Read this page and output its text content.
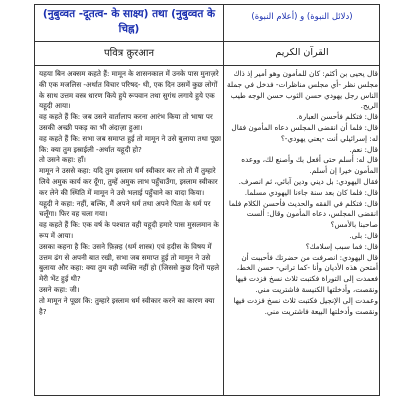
(नुबुव्वत -दूतत्व- के साक्ष्य) तथा (नुबुव्वत के चिह्न)
(دلائل النبوة) و (أعلام النبوة)
पवित्र क़ुरआन	القرآن الكريم

यहया बिन अक्सम कहते हैं: मामून के शासनकाल में उनके पास मुनाज़रे की एक मजलिस -अर्थात विचार परिषद- थी, एक दिन उसमें कुछ लोगों के साथ उत्तम वस्त्र धारण किये हुये रूपवान तथा सुगंध लगाये हुये एक यहूदी आया।

वह कहते हैं कि: जब उसने वार्तालाप करना आरंभ किया तो भाषा पर उसकी अच्छी पकड़ का भी अंदाज़ा हुआ।

वह कहते हैं कि: सभा जब समाप्त हुई तो मामून ने उसे बुलाया तथा पूछा कि: क्या तुम इस्राईली -अर्थात यहूदी हो?

तो उसने कहा: हाँ।

मामून ने उससे कहा: यदि तुम इस्लाम धर्म स्वीकार कर लो तो मैं तुम्हारे लिये अमुक कार्य कर दूँगा, तुम्हें अमुक लाभ पहुँचाउँगा, इस्लाम स्वीकार कर लेने की स्थिति में मामून ने उसे भलाई पहुँचाने का वादा किया।

यहूदी ने कहा: नहीं, बल्कि, मैं अपने धर्म तथा अपने पिता के धर्म पर चलूँगा। फिर वह चला गया।

वह कहते हैं कि: एक वर्ष के पश्चात वही यहूदी हमारे पास मुसलमान के रूप में आया।

उसका कहना है कि: उसने फ़िक़्ह (धर्म शास्त्र) एवं हदीस के विषय में उत्तम ढंग से अपनी बात रखी, सभा जब समाप्त हुई तो मामून ने उसे बुलाया और कहा: क्या तुम वही व्यक्ति नहीं हो (जिससे कुछ दिनों पहले मेरी भेंट हुई थी?

उसने कहा: जी।

तो मामून ने पूछा कि: तुम्हारे इस्लाम धर्म स्वीकार करने का कारण क्या है?

قال يحيى بن أكثم: كان للمأمون وهو أمير إذ ذاك مجلس نظر -أي مجلس مناظرات- فدخل في جملة الناس رجل يهودي حسن الثوب حسن الوجه طيب الريح.

قال: فتكلم فأحسن العبارة.

قال: فلما أن انقضى المجلس دعاه المأمون فقال له: إسرائيلي أنت -يعني يهودي-؟

قال: نعم.

قال له: أسلم حتى أفعل بك وأصنع لك، ووعده المأمون خيرا إن أسلم.

فقال اليهودي: بل ديني ودين آبائي، ثم انصرف.

قال: فلما كان بعد سنة جاءنا اليهودي مسلما.

قال: فتكلم في الفقه والحديث فأحسن الكلام فلما انقضى المجلس، دعاه المأمون وقال: ألست صاحبنا بالأمس؟

قال: بلى.

قال: فما سبب إسلامك؟

قال اليهودي: انصرفت من حضرتك فأحببت أن أمتحن هذه الأديان وأنا -كما تراني- حسن الخط، فعمدت إلى التوراة فكتبت ثلاث نسخ فزدت فيها ونقصت، وأدخلتها الكنيسة فاشتريت مني.

وعمدت إلى الإنجيل فكتبت ثلاث نسخ فزدت فيها ونقصت وأدخلتها البيعة فاشتريت مني.
